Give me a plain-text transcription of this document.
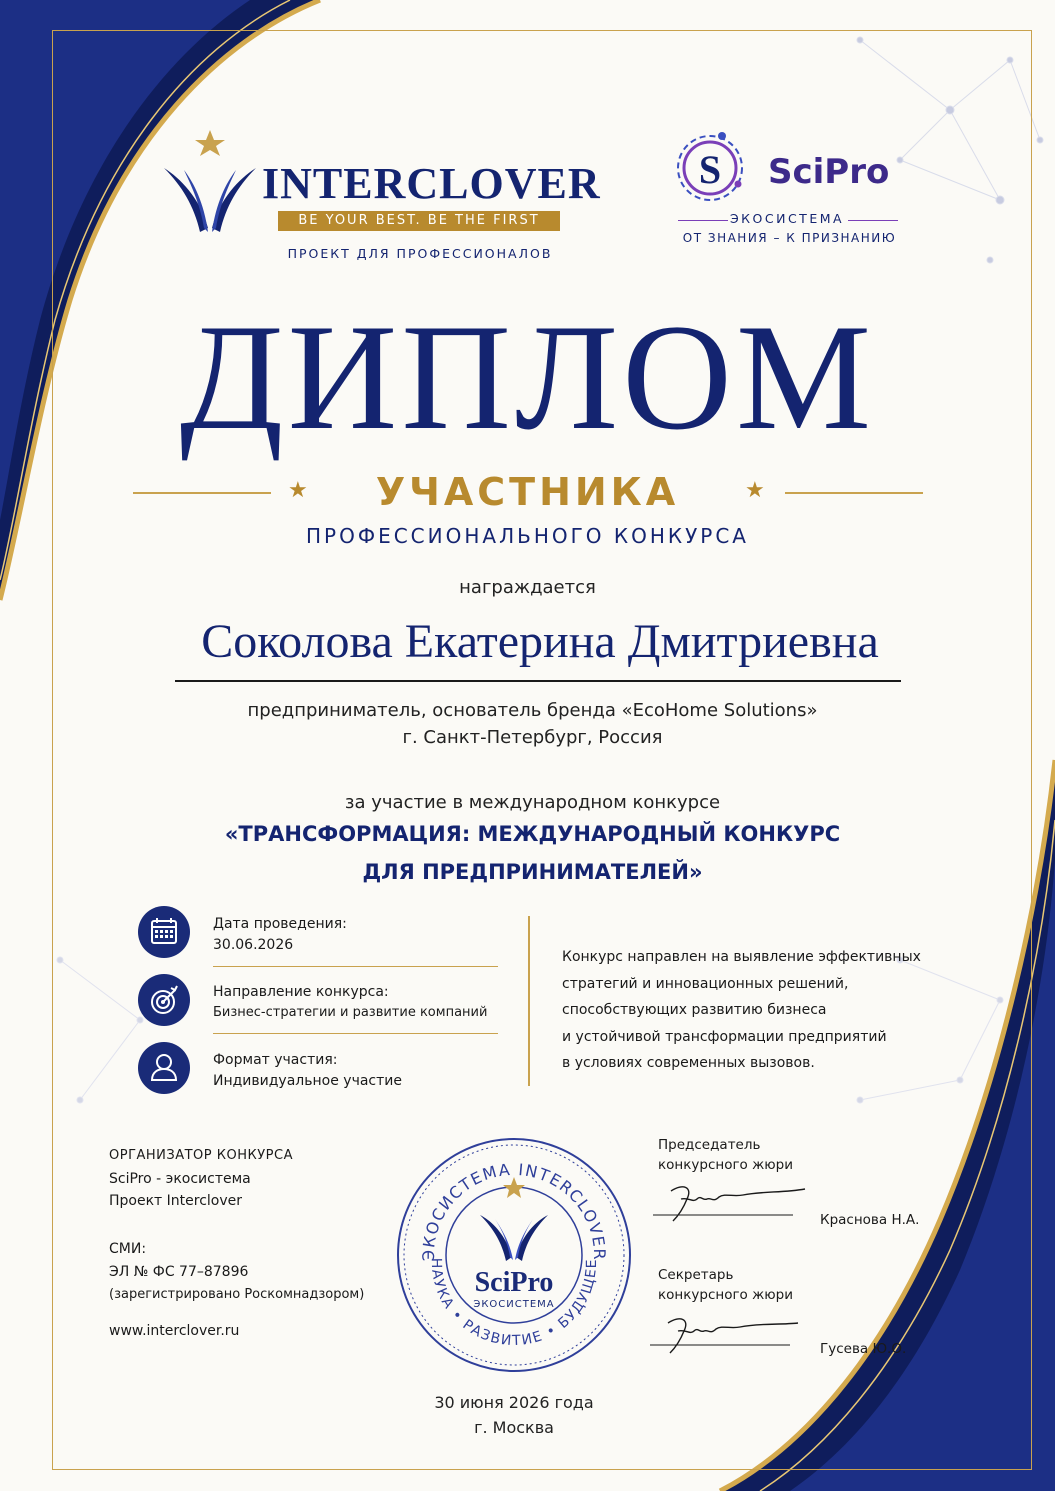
INTERCLOVER
BE YOUR BEST. BE THE FIRST
ПРОЕКТ ДЛЯ ПРОФЕССИОНАЛОВ
S SciPro
ЭКОСИСТЕМА
ОТ ЗНАНИЯ – К ПРИЗНАНИЮ
ДИПЛОМ
★	УЧАСТНИКА	★
ПРОФЕССИОНАЛЬНОГО КОНКУРСА
награждается
Соколова Екатерина Дмитриевна
предприниматель, основатель бренда «EcoHome Solutions»
г. Санкт-Петербург, Россия
за участие в международном конкурсе
«ТРАНСФОРМАЦИЯ: МЕЖДУНАРОДНЫЙ КОНКУРС
ДЛЯ ПРЕДПРИНИМАТЕЛЕЙ»
Дата проведения:
30.06.2026
Направление конкурса:
Бизнес-стратегии и развитие компаний
Формат участия:
Индивидуальное участие
Конкурс направлен на выявление эффективных
стратегий и инновационных решений,
способствующих развитию бизнеса
и устойчивой трансформации предприятий
в условиях современных вызовов.
ОРГАНИЗАТОР КОНКУРСА
SciPro - экосистема
Проект Interclover
СМИ:
ЭЛ № ФС 77–87896
(зарегистрировано Роскомнадзором)
www.interclover.ru
ЭКОСИСТЕМА INTERCLOVER
НАУКА • РАЗВИТИЕ • БУДУЩЕЕ
SciPro
ЭКОСИСТЕМА
30 июня 2026 года
г. Москва
Председатель
конкурсного жюри
Краснова Н.А.
Секретарь
конкурсного жюри
Гусева Ю.О.
